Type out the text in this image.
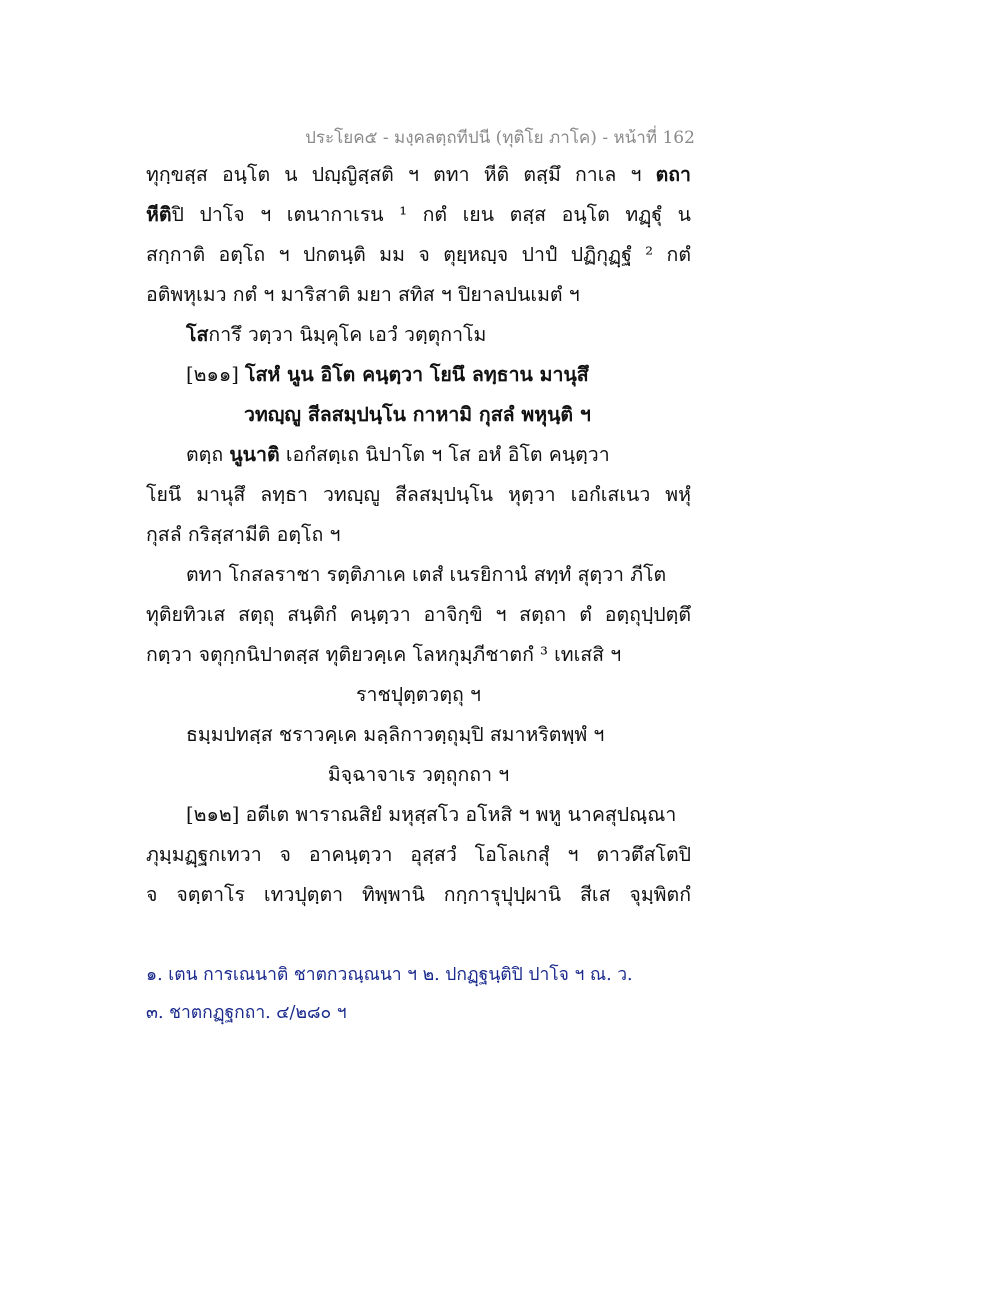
ประโยค๕ - มงฺคลตฺถทีปนี (ทุติโย ภาโค) - หน้าที่ 162
ทุกฺขสฺส อนฺโต น ปญฺญิสฺสติ ฯ ตทา หีติ ตสฺมึ กาเล ฯ ตถา
หีติปิ ปาโจ ฯ เตนากาเรน ¹ กตํ เยน ตสฺส อนฺโต ทฏฺฐุํ น
สกฺกาติ อตฺโถ ฯ ปกตนฺติ มม จ ตุยฺหญฺจ ปาปํ ปฏิกุฏฺฐํ ² กตํ
อติพหุเมว กตํ ฯ มาริสาติ มยา สทิส ฯ ปิยาลปนเมตํ ฯ
โสการึ วตฺวา นิมฺคุโค เอวํ วตฺตุกาโม
[๒๑๑] โสหํ นูน อิโต คนฺตฺวา โยนึ ลทฺธาน มานุสึ
วทญฺญู สีลสมฺปนฺโน กาหามิ กุสลํ พหุนฺติ ฯ
ตตฺถ นูนาติ เอกํสตฺเถ นิปาโต ฯ โส อหํ อิโต คนฺตฺวา
โยนึ มานุสึ ลทฺธา วทญฺญู สีลสมฺปนฺโน หุตฺวา เอกํเสเนว พหุํ
กุสลํ กริสฺสามีติ อตฺโถ ฯ
ตทา โกสลราชา รตฺติภาเค เตสํ เนรยิกานํ สทฺทํ สุตฺวา ภีโต
ทุติยทิวเส สตฺถุ สนฺติกํ คนฺตฺวา อาจิกฺขิ ฯ สตฺถา ตํ อตฺถุปฺปตฺตึ
กตฺวา จตุกฺกนิปาตสฺส ทุติยวคฺเค โลหกุมฺภีชาตกํ ³ เทเสสิ ฯ
ราชปุตฺตวตฺถุ ฯ
ธมฺมปทสฺส ชราวคฺเค มลฺลิกาวตฺถุมฺปิ สมาหริตพฺพํ ฯ
มิจฺฉาจาเร วตฺถุกถา ฯ
[๒๑๒] อตีเต พาราณสิยํ มหุสฺสโว อโหสิ ฯ พหู นาคสุปณฺณา
ภุมฺมฏฺฐกเทวา จ อาคนฺตฺวา อุสฺสวํ โอโลเกสุํ ฯ ตาวตึสโตปิ
จ จตฺตาโร เทวปุตฺตา ทิพฺพานิ กกฺการุปุปฺผานิ สีเส จุมฺพิตกํ
๑. เตน การเณนาติ ชาตกวณฺณนา ฯ ๒. ปกฏฺฐนฺติปิ ปาโจ ฯ ณ. ว.
๓. ชาตกฏฺฐกถา. ๔/๒๘๐ ฯ
